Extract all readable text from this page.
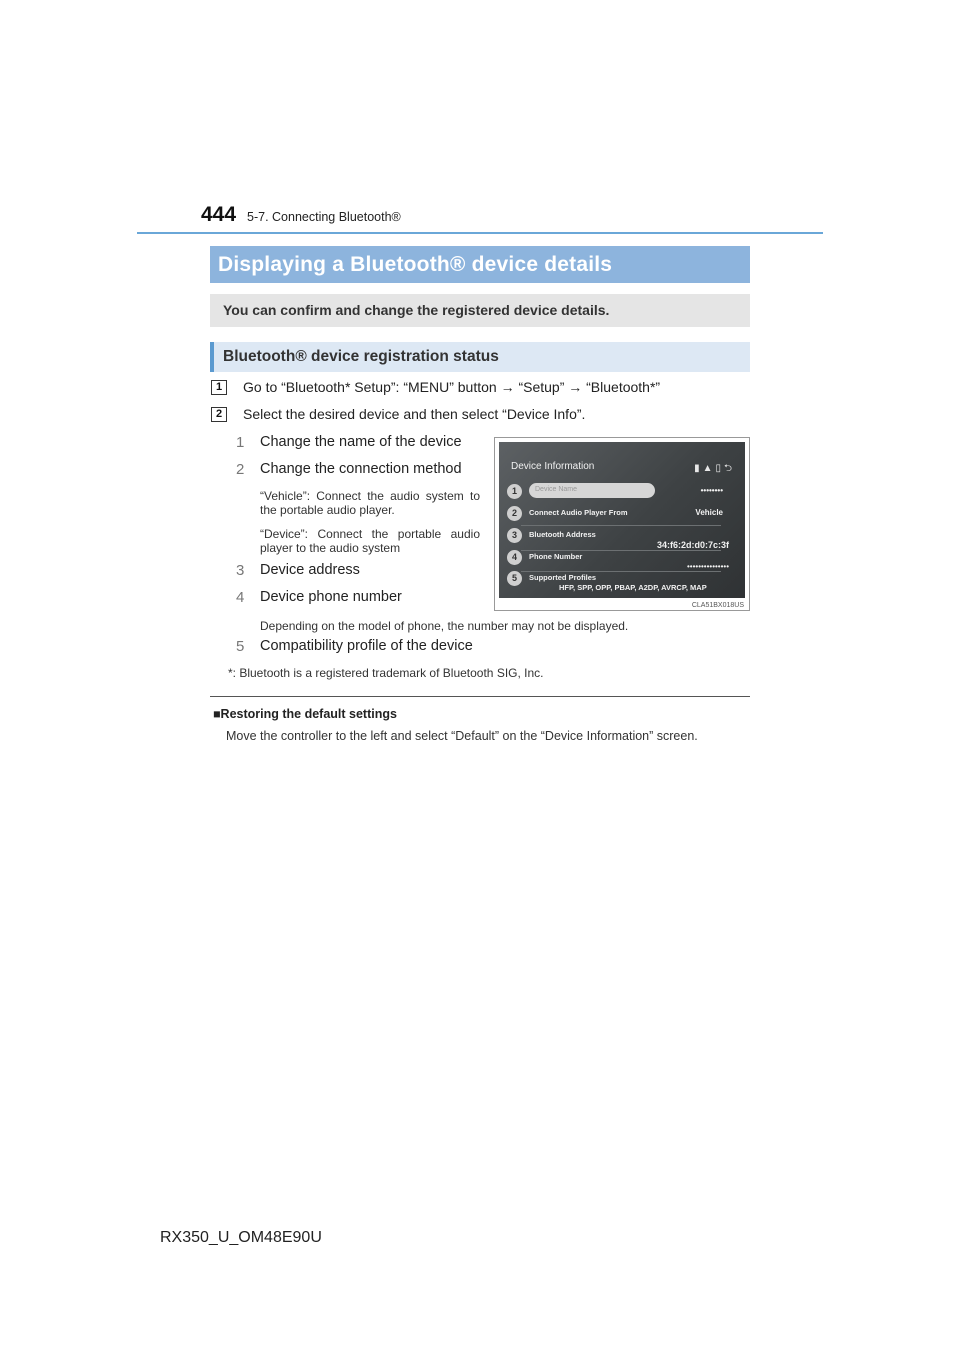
444 5-7. Connecting Bluetooth®
Displaying a Bluetooth® device details
You can confirm and change the registered device details.
Bluetooth® device registration status
1	Go to “Bluetooth* Setup”: “MENU” button → “Setup” → “Bluetooth*”
2	Select the desired device and then select “Device Info”.
1 Change the name of the device
2 Change the connection method
“Vehicle”: Connect the audio system to the portable audio player.
“Device”: Connect the portable audio player to the audio system
3 Device address
4 Device phone number
Depending on the model of phone, the number may not be displayed.
5 Compatibility profile of the device
Device Information	▮▲▯⮌
1	Device Name	••••••••
2	Connect Audio Player From	Vehicle
3	Bluetooth Address
34:f6:2d:d0:7c:3f
4	Phone Number
•••••••••••••••
5	Supported Profiles
HFP, SPP, OPP, PBAP, A2DP, AVRCP, MAP
CLA51BX018US
*: Bluetooth is a registered trademark of Bluetooth SIG, Inc.
■Restoring the default settings
Move the controller to the left and select “Default” on the “Device Information” screen.
RX350_U_OM48E90U
